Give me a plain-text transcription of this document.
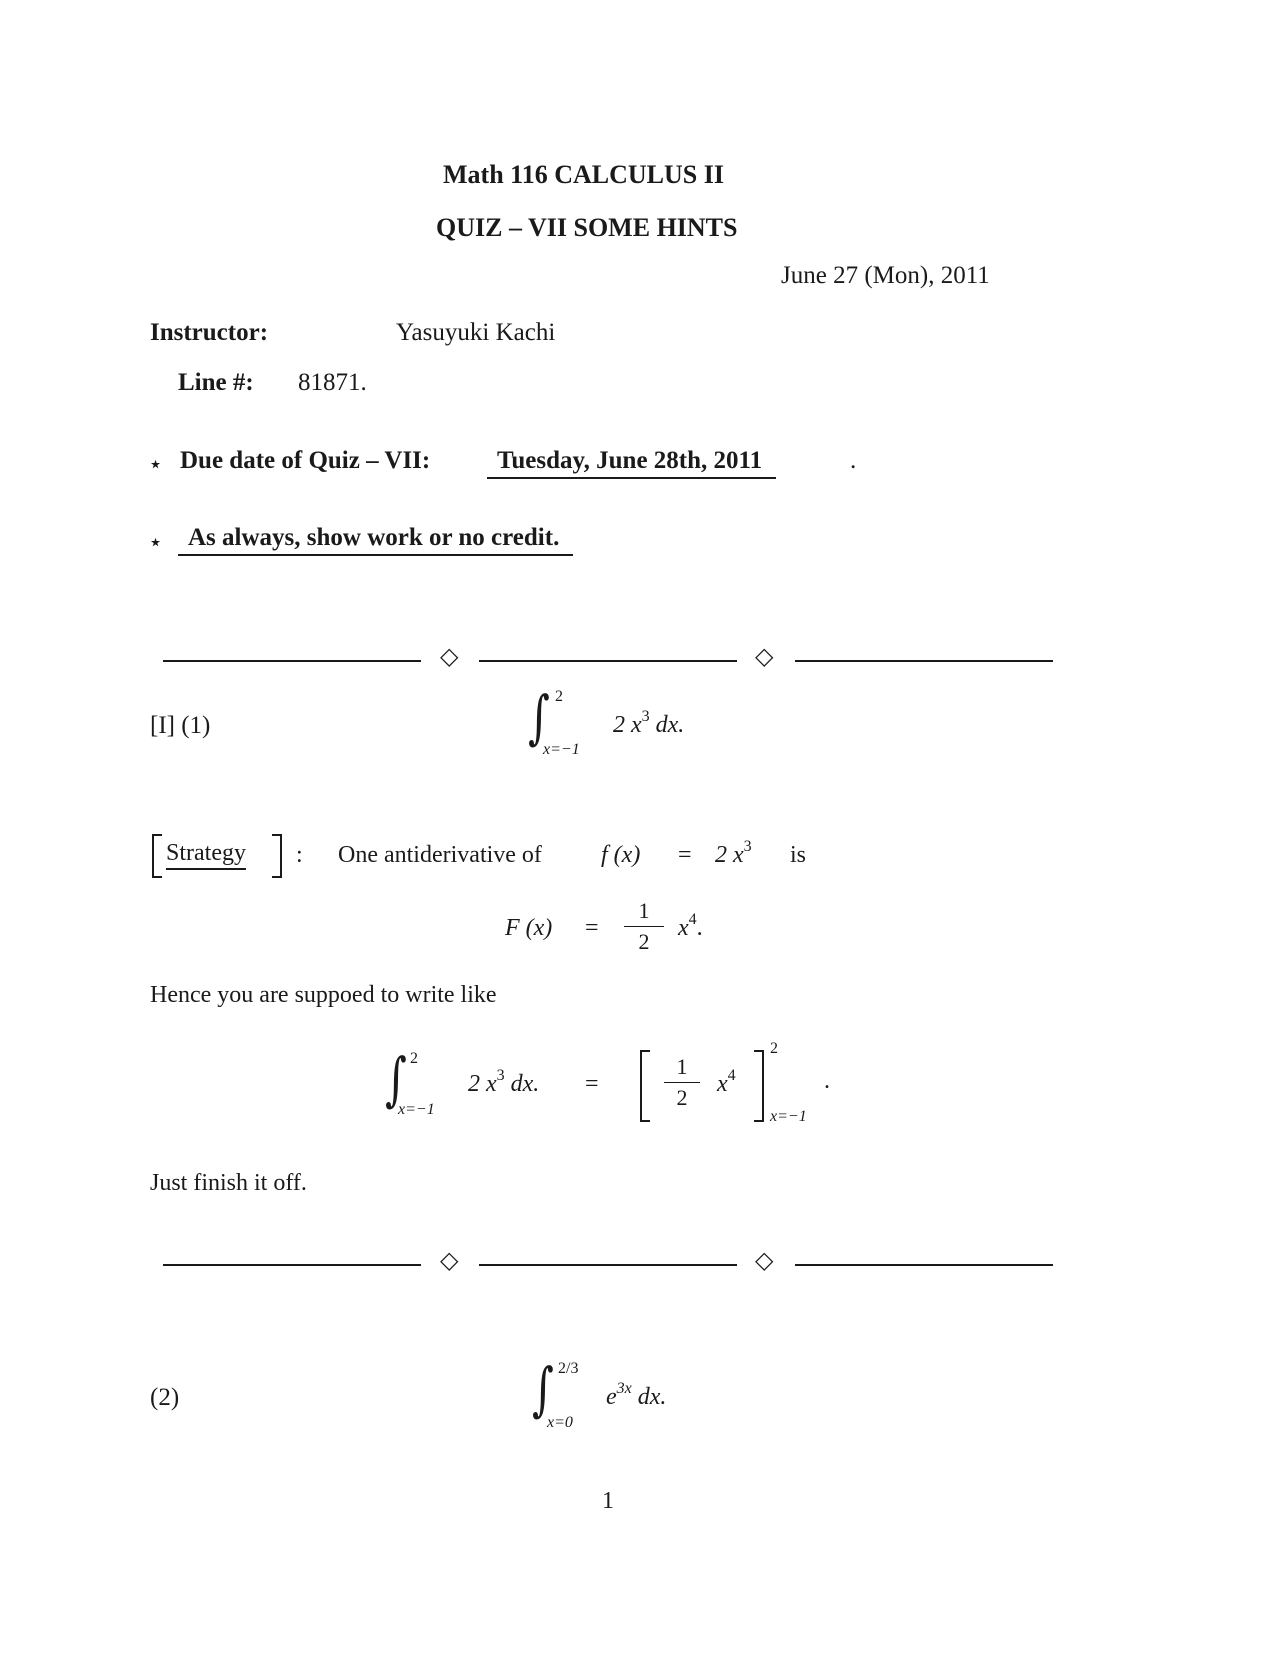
Math 116 CALCULUS II
QUIZ – VII SOME HINTS
June 27 (Mon), 2011
Instructor:	Yasuyuki Kachi
Line #: 81871.
⋆ Due date of Quiz – VII:	Tuesday, June 28th, 2011	.
⋆ As always, show work or no credit.
◇	◇
[I] (1)	∫ 2
x=−1
2 $x^3$ dx.
Strategy : One antiderivative of f (x) = 2 $x^3$ is
F (x) =
1
2
$x^4$.
Hence you are suppoed to write like
∫ 2
x=−1
2 $x^3$ dx. =
1
2
$x^4$
2
x=−1
.
Just finish it off.
◇	◇
(2)	∫ 2/3
x=0
$e^{3x}$ dx.
1
